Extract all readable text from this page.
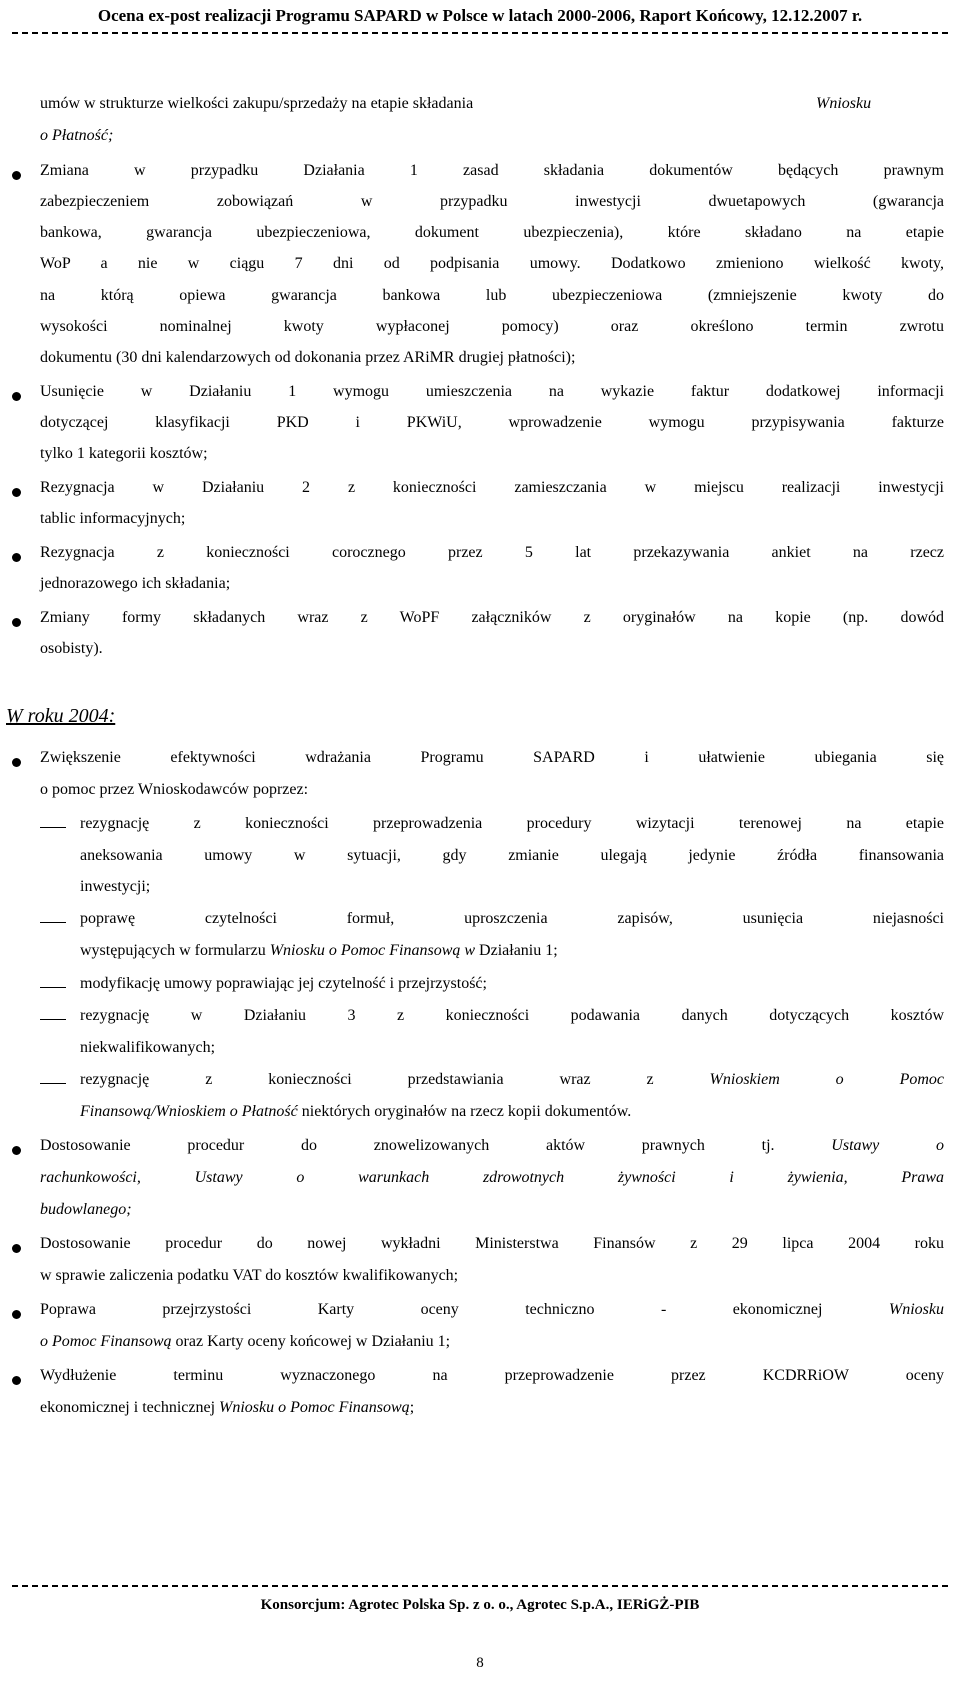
Ocena ex-post realizacji Programu SAPARD w Polsce w latach 2000-2006, Raport Końcowy, 12.12.2007 r.
umów w strukturze wielkości zakupu/sprzedaży na etapie składania	Wniosku
o Płatność;
Zmiana w przypadku Działania 1 zasad składania dokumentów będących prawnym
zabezpieczeniem zobowiązań w przypadku inwestycji dwuetapowych (gwarancja
bankowa, gwarancja ubezpieczeniowa, dokument ubezpieczenia), które składano na etapie
WoP a nie w ciągu 7 dni od podpisania umowy. Dodatkowo zmieniono wielkość kwoty,
na którą opiewa gwarancja bankowa lub ubezpieczeniowa (zmniejszenie kwoty do
wysokości nominalnej kwoty wypłaconej pomocy) oraz określono termin zwrotu
dokumentu (30 dni kalendarzowych od dokonania przez ARiMR drugiej płatności);
Usunięcie w Działaniu 1 wymogu umieszczenia na wykazie faktur dodatkowej informacji
dotyczącej klasyfikacji PKD i PKWiU, wprowadzenie wymogu przypisywania fakturze
tylko 1 kategorii kosztów;
Rezygnacja w Działaniu 2 z konieczności zamieszczania w miejscu realizacji inwestycji
tablic informacyjnych;
Rezygnacja z konieczności corocznego przez 5 lat przekazywania ankiet na rzecz
jednorazowego ich składania;
Zmiany formy składanych wraz z WoPF załączników z oryginałów na kopie (np. dowód
osobisty).
W roku 2004:
Zwiększenie efektywności wdrażania Programu SAPARD i ułatwienie ubiegania się
o pomoc przez Wnioskodawców poprzez:
rezygnację z konieczności przeprowadzenia procedury wizytacji terenowej na etapie
aneksowania umowy w sytuacji, gdy zmianie ulegają jedynie źródła finansowania
inwestycji;
poprawę czytelności formuł, uproszczenia zapisów, usunięcia niejasności
występujących w formularzu Wniosku o Pomoc Finansową w Działaniu 1;
modyfikację umowy poprawiając jej czytelność i przejrzystość;
rezygnację w Działaniu 3 z konieczności podawania danych dotyczących kosztów
niekwalifikowanych;
rezygnację z konieczności przedstawiania wraz z	Wnioskiem o Pomoc
Finansową/Wnioskiem o Płatność niektórych oryginałów na rzecz kopii dokumentów.
Dostosowanie procedur do znowelizowanych aktów prawnych tj.	Ustawy o
rachunkowości, Ustawy o warunkach zdrowotnych żywności i żywienia, Prawa
budowlanego;
Dostosowanie procedur do nowej wykładni Ministerstwa Finansów z 29 lipca 2004 roku
w sprawie zaliczenia podatku VAT do kosztów kwalifikowanych;
Poprawa przejrzystości Karty oceny techniczno - ekonomicznej	Wniosku
o Pomoc Finansową oraz Karty oceny końcowej w Działaniu 1;
Wydłużenie terminu wyznaczonego na przeprowadzenie przez KCDRRiOW oceny
ekonomicznej i technicznej Wniosku o Pomoc Finansową;
Konsorcjum: Agrotec Polska Sp. z o. o., Agrotec S.p.A., IERiGŻ-PIB
8
